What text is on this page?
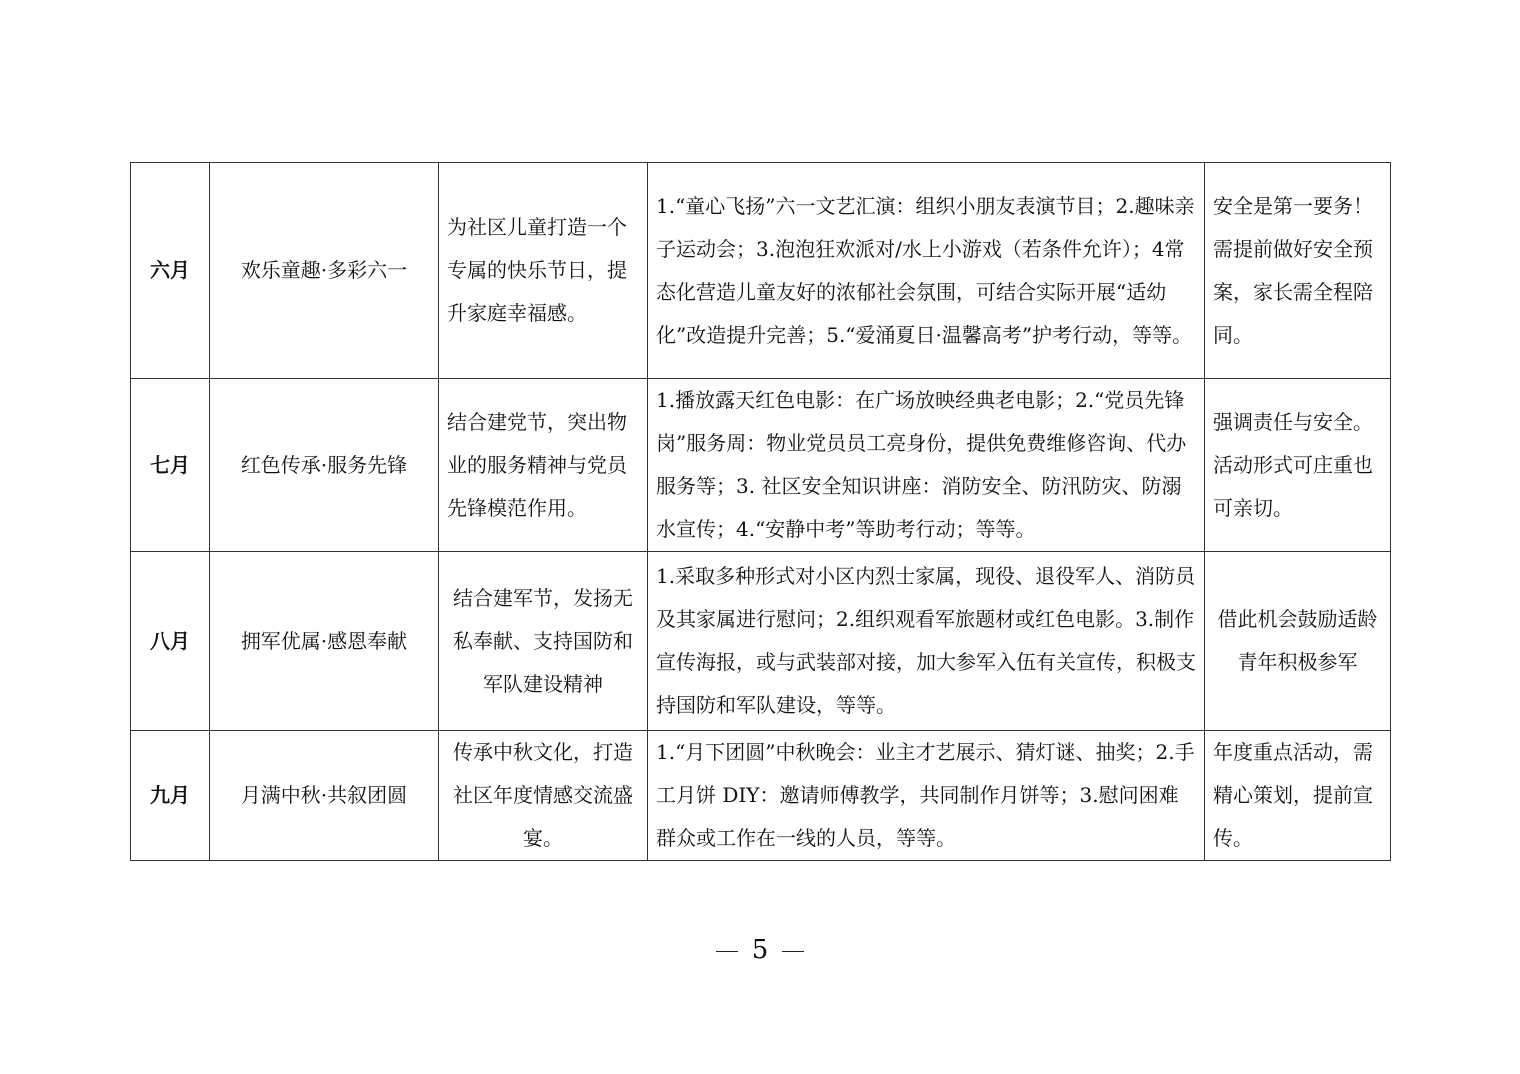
六月	欢乐童趣·多彩六一	为社区儿童打造一个专属的快乐节日，提升家庭幸福感。	1.“童心飞扬”六一文艺汇演：组织小朋友表演节目；2.趣味亲子运动会；3.泡泡狂欢派对/水上小游戏（若条件允许）；4常态化营造儿童友好的浓郁社会氛围，可结合实际开展“适幼化”改造提升完善；5.“爱涌夏日·温馨高考”护考行动，等等。	安全是第一要务！需提前做好安全预案，家长需全程陪同。
七月	红色传承·服务先锋	结合建党节，突出物业的服务精神与党员先锋模范作用。	1.播放露天红色电影：在广场放映经典老电影；2.“党员先锋岗”服务周：物业党员员工亮身份，提供免费维修咨询、代办服务等；3. 社区安全知识讲座：消防安全、防汛防灾、防溺水宣传；4.“安静中考”等助考行动；等等。	强调责任与安全。活动形式可庄重也可亲切。
八月	拥军优属·感恩奉献	结合建军节，发扬无私奉献、支持国防和军队建设精神	1.采取多种形式对小区内烈士家属，现役、退役军人、消防员及其家属进行慰问；2.组织观看军旅题材或红色电影。3.制作宣传海报，或与武装部对接，加大参军入伍有关宣传，积极支持国防和军队建设，等等。	借此机会鼓励适龄青年积极参军
九月	月满中秋·共叙团圆	传承中秋文化，打造社区年度情感交流盛宴。	1.“月下团圆”中秋晚会：业主才艺展示、猜灯谜、抽奖；2.手工月饼 DIY：邀请师傅教学，共同制作月饼等；3.慰问困难群众或工作在一线的人员，等等。	年度重点活动，需精心策划，提前宣传。
5
